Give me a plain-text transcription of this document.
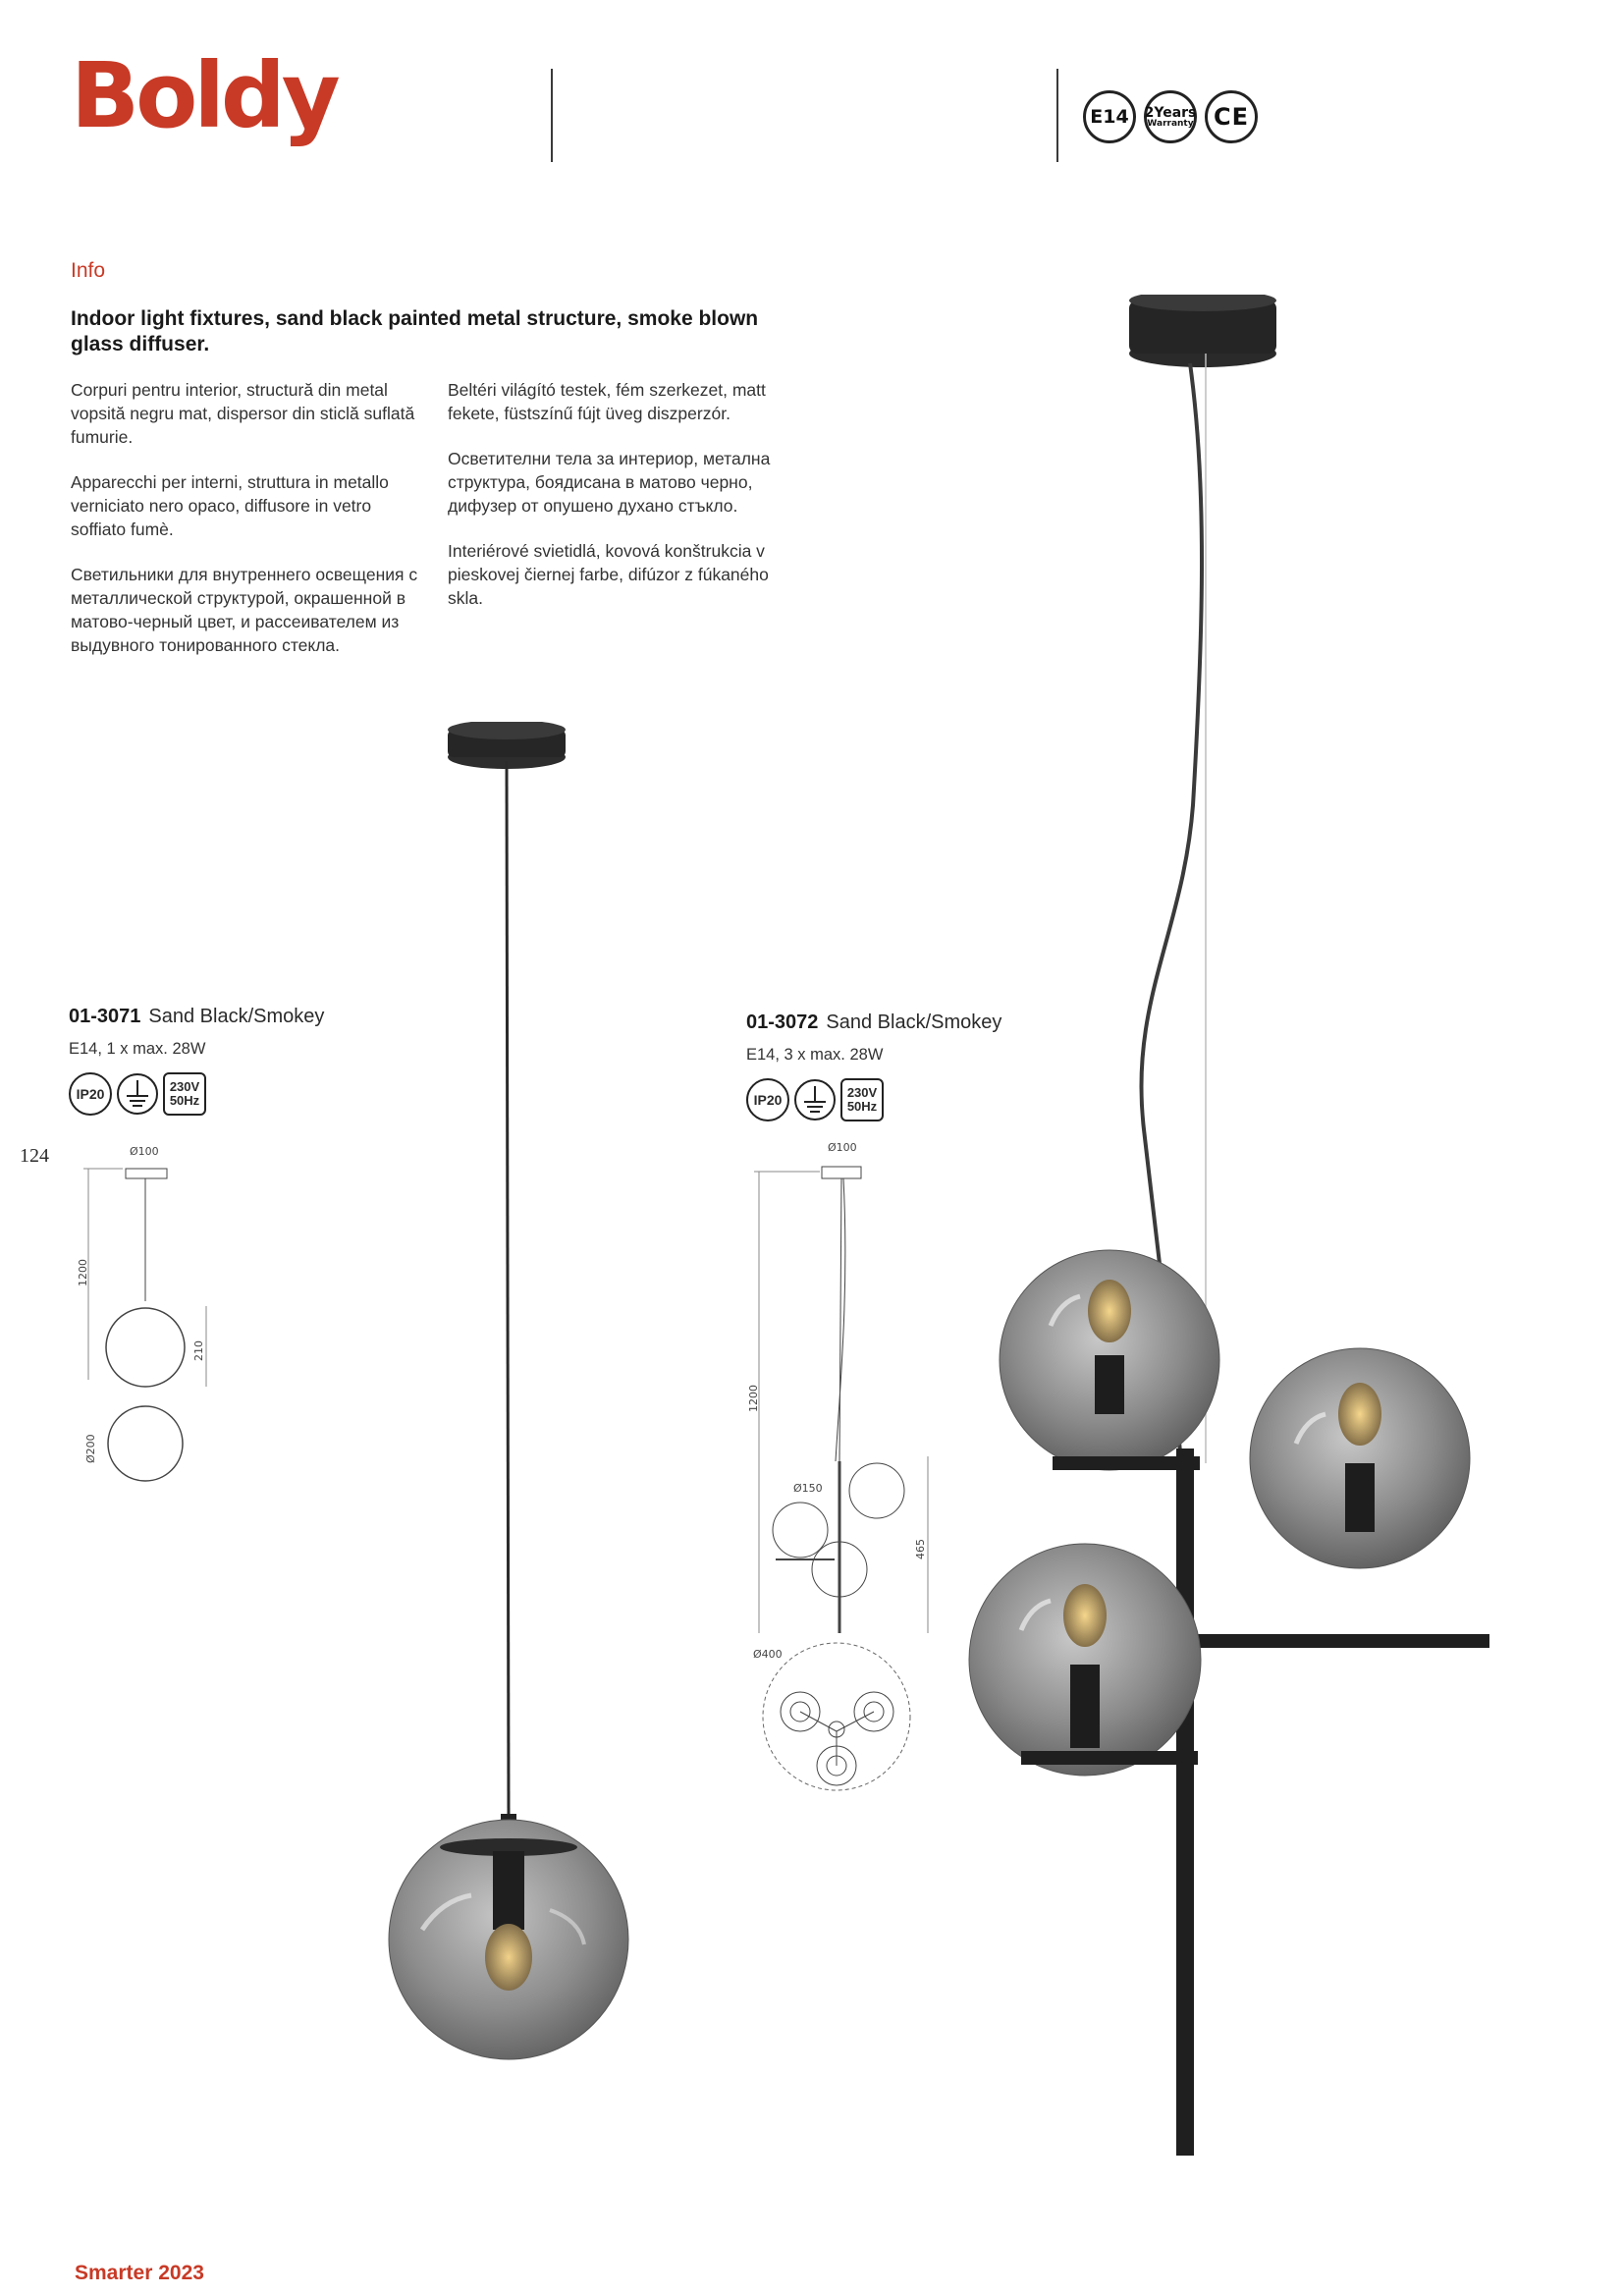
Boldy	E14	2Years
Warranty CE
Info

Indoor light fixtures, sand black painted metal structure, smoke blown glass diffuser.

Corpuri pentru interior, structură din metal vopsită negru mat, dispersor din sticlă suflată fumurie.

Apparecchi per interni, struttura in metallo verniciato nero opaco, diffusore in vetro soffiato fumè.

Светильники для внутреннего освещения с металлической структурой, окрашенной в матово-черный цвет, и рассеивателем из выдувного тонированного стекла.

Beltéri világító testek, fém szerkezet, matt fekete, füstszínű fújt üveg diszperzór.

Осветителни тела за интериор, метална структура, боядисана в матово черно, дифузер от опушено духано стъкло.

Interiérové svietidlá, kovová konštrukcia v pieskovej čiernej farbe, difúzor z fúkaného skla.

124
01-3071 Sand Black/Smokey
E14, 1 x max. 28W
IP20	230V
50Hz
Ø100
1200
210
Ø200
01-3072 Sand Black/Smokey
E14, 3 x max. 28W
IP20	230V
50Hz
Ø100
1200
Ø150
465
Ø400

Smarter 2023
